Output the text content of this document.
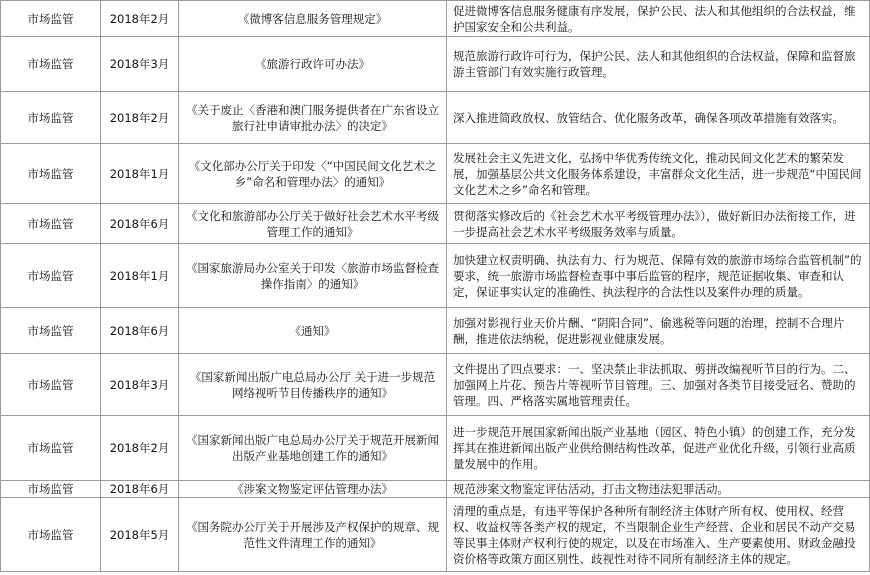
市场监管	2018年2月	《微博客信息服务管理规定》	促进微博客信息服务健康有序发展，保护公民、法人和其他组织的合法权益，维护国家安全和公共利益。
市场监管	2018年3月	《旅游行政许可办法》	规范旅游行政许可行为，保护公民、法人和其他组织的合法权益，保障和监督旅游主管部门有效实施行政管理。
市场监管	2018年2月	《关于废止〈香港和澳门服务提供者在广东省设立旅行社申请审批办法〉的决定》	深入推进简政放权、放管结合、优化服务改革，确保各项改革措施有效落实。
市场监管	2018年1月	《文化部办公厅关于印发〈“中国民间文化艺术之乡”命名和管理办法〉的通知》	发展社会主义先进文化，弘扬中华优秀传统文化，推动民间文化艺术的繁荣发展，加强基层公共文化服务体系建设，丰富群众文化生活，进一步规范“中国民间文化艺术之乡”命名和管理。
市场监管	2018年6月	《文化和旅游部办公厅关于做好社会艺术水平考级管理工作的通知》	贯彻落实修改后的《社会艺术水平考级管理办法》），做好新旧办法衔接工作，进一步提高社会艺术水平考级服务效率与质量。
市场监管	2018年1月	《国家旅游局办公室关于印发〈旅游市场监督检查操作指南〉的通知》	加快建立权责明确、执法有力、行为规范、保障有效的旅游市场综合监管机制”的要求，统一旅游市场监督检查事中事后监管的程序，规范证据收集、审查和认定，保证事实认定的准确性、执法程序的合法性以及案件办理的质量。
市场监管	2018年6月	《通知》	加强对影视行业天价片酬、“阴阳合同”、偷逃税等问题的治理，控制不合理片酬，推进依法纳税，促进影视业健康发展。
市场监管	2018年3月	《国家新闻出版广电总局办公厅 关于进一步规范网络视听节目传播秩序的通知》	文件提出了四点要求：一、坚决禁止非法抓取、剪拼改编视听节目的行为。二、加强网上片花、预告片等视听节目管理。三、加强对各类节目接受冠名、赞助的管理。四、严格落实属地管理责任。
市场监管	2018年2月	《国家新闻出版广电总局办公厅关于规范开展新闻出版产业基地创建工作的通知》	进一步规范开展国家新闻出版产业基地（园区、特色小镇）的创建工作，充分发挥其在推进新闻出版产业供给侧结构性改革，促进产业优化升级，引领行业高质量发展中的作用。
市场监管	2018年6月	《涉案文物鉴定评估管理办法》	规范涉案文物鉴定评估活动，打击文物违法犯罪活动。
市场监管	2018年5月	《国务院办公厅关于开展涉及产权保护的规章、规范性文件清理工作的通知》	清理的重点是，有违平等保护各种所有制经济主体财产所有权、使用权、经营权、收益权等各类产权的规定，不当限制企业生产经营、企业和居民不动产交易等民事主体财产权利行使的规定，以及在市场准入、生产要素使用、财政金融投资价格等政策方面区别性、歧视性对待不同所有制经济主体的规定。
